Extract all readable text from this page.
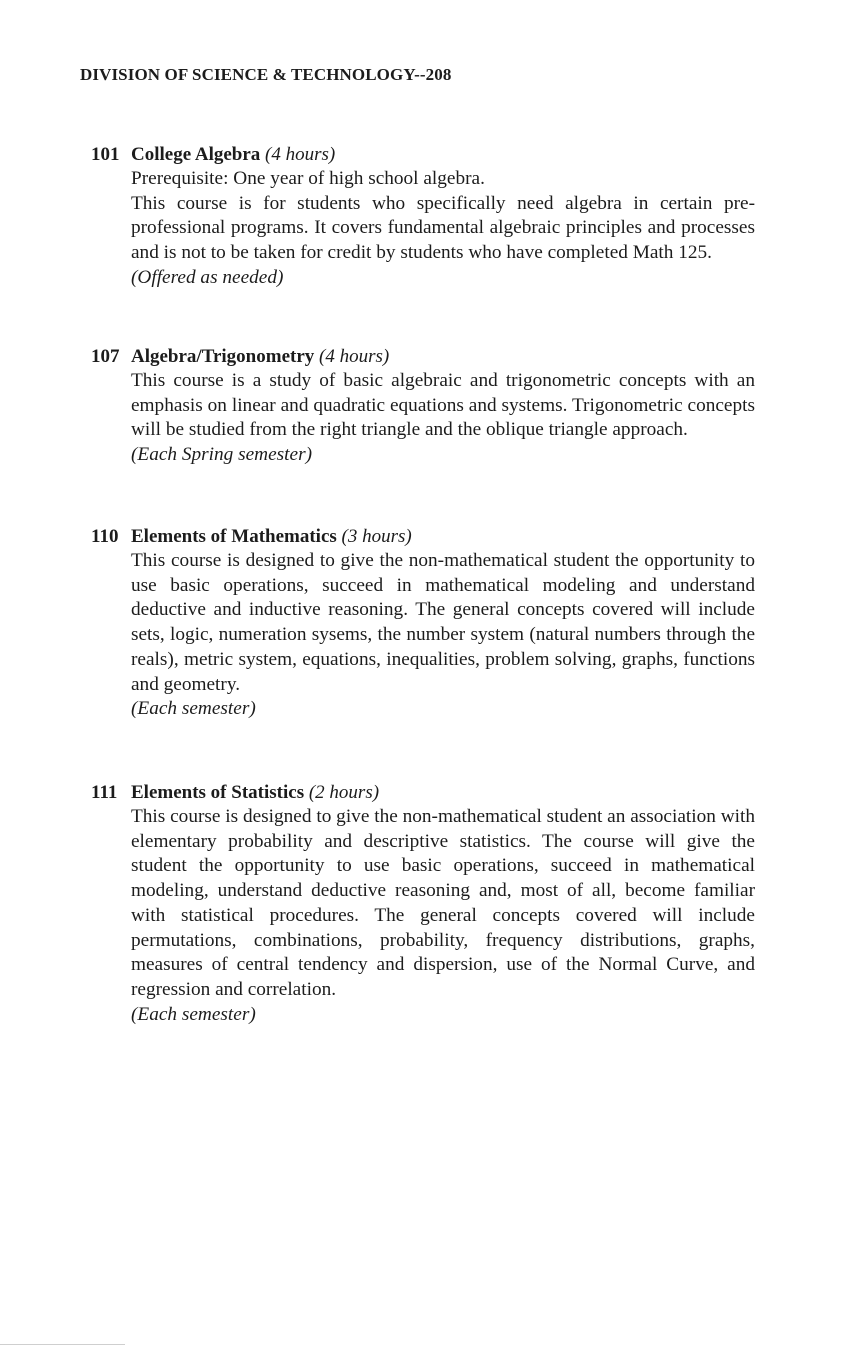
DIVISION OF SCIENCE & TECHNOLOGY--208
101 College Algebra (4 hours)

Prerequisite: One year of high school algebra.

This course is for students who specifically need algebra in certain pre-professional programs. It covers fundamental algebraic principles and processes and is not to be taken for credit by students who have completed Math 125.

(Offered as needed)

107 Algebra/Trigonometry (4 hours)

This course is a study of basic algebraic and trigonometric concepts with an emphasis on linear and quadratic equations and systems. Trigonometric concepts will be studied from the right triangle and the oblique triangle approach.

(Each Spring semester)

110 Elements of Mathematics (3 hours)

This course is designed to give the non-mathematical student the opportunity to use basic operations, succeed in mathematical modeling and understand deductive and inductive reasoning. The general concepts covered will include sets, logic, numeration sysems, the number system (natural numbers through the reals), metric system, equations, inequalities, problem solving, graphs, functions and geometry.

(Each semester)

111 Elements of Statistics (2 hours)

This course is designed to give the non-mathematical student an association with elementary probability and descriptive statistics. The course will give the student the opportunity to use basic operations, succeed in mathematical modeling, understand deductive reasoning and, most of all, become familiar with statistical procedures. The general concepts covered will include permutations, combinations, probability, frequency distributions, graphs, measures of central tendency and dispersion, use of the Normal Curve, and regression and correlation.

(Each semester)
